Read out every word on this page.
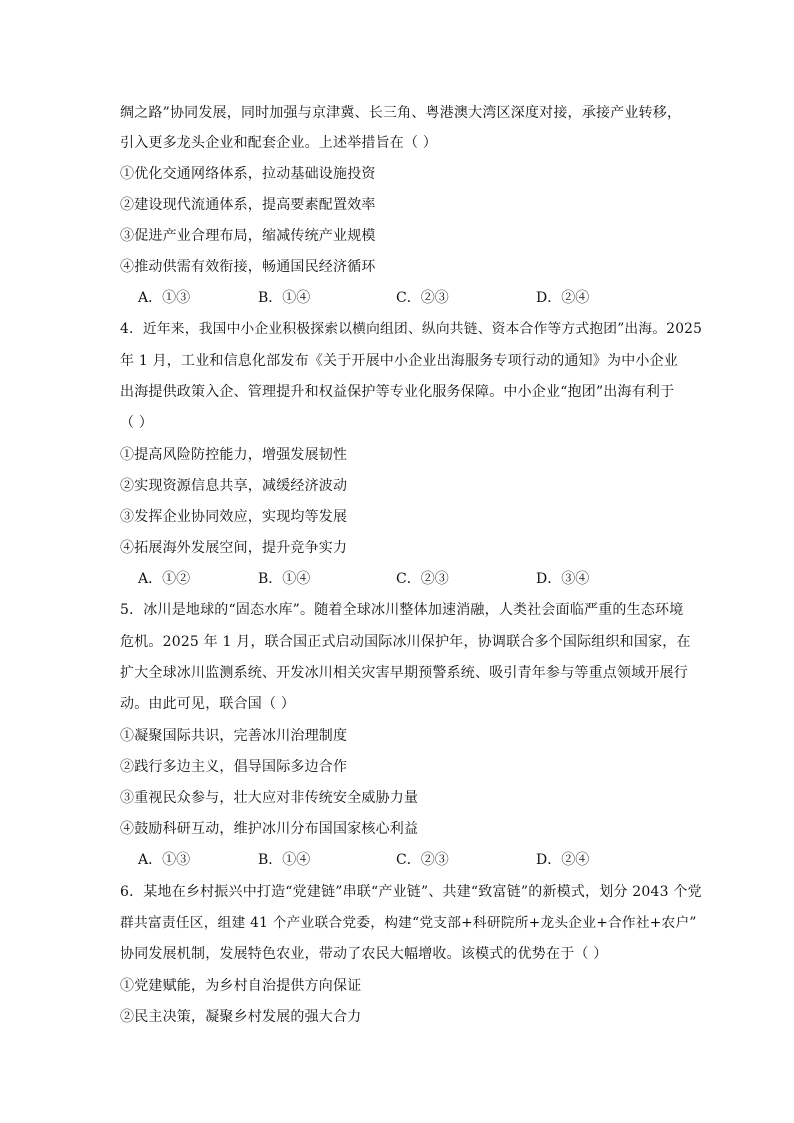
绸之路”协同发展，同时加强与京津冀、长三角、粤港澳大湾区深度对接，承接产业转移，
引入更多龙头企业和配套企业。上述举措旨在（ ）
①优化交通网络体系，拉动基础设施投资
②建设现代流通体系，提高要素配置效率
③促进产业合理布局，缩减传统产业规模
④推动供需有效衔接，畅通国民经济循环
A．①③	B．①④	C．②③	D．②④
4．近年来，我国中小企业积极探索以横向组团、纵向共链、资本合作等方式抱团”出海。2025
年 1 月，工业和信息化部发布《关于开展中小企业出海服务专项行动的通知》为中小企业
出海提供政策入企、管理提升和权益保护等专业化服务保障。中小企业“抱团”出海有利于
（ ）
①提高风险防控能力，增强发展韧性
②实现资源信息共享，减缓经济波动
③发挥企业协同效应，实现均等发展
④拓展海外发展空间，提升竞争实力
A．①②	B．①④	C．②③	D．③④
5．冰川是地球的“固态水库”。随着全球冰川整体加速消融，人类社会面临严重的生态环境
危机。2025 年 1 月，联合国正式启动国际冰川保护年，协调联合多个国际组织和国家，在
扩大全球冰川监测系统、开发冰川相关灾害早期预警系统、吸引青年参与等重点领域开展行
动。由此可见，联合国（ ）
①凝聚国际共识，完善冰川治理制度
②践行多边主义，倡导国际多边合作
③重视民众参与，壮大应对非传统安全威胁力量
④鼓励科研互动，维护冰川分布国国家核心利益
A．①③	B．①④	C．②③	D．②④
6．某地在乡村振兴中打造“党建链”串联“产业链”、共建“致富链”的新模式，划分 2043 个党
群共富责任区，组建 41 个产业联合党委，构建“党支部+科研院所+龙头企业+合作社+农户”
协同发展机制，发展特色农业，带动了农民大幅增收。该模式的优势在于（ ）
①党建赋能，为乡村自治提供方向保证
②民主决策，凝聚乡村发展的强大合力
